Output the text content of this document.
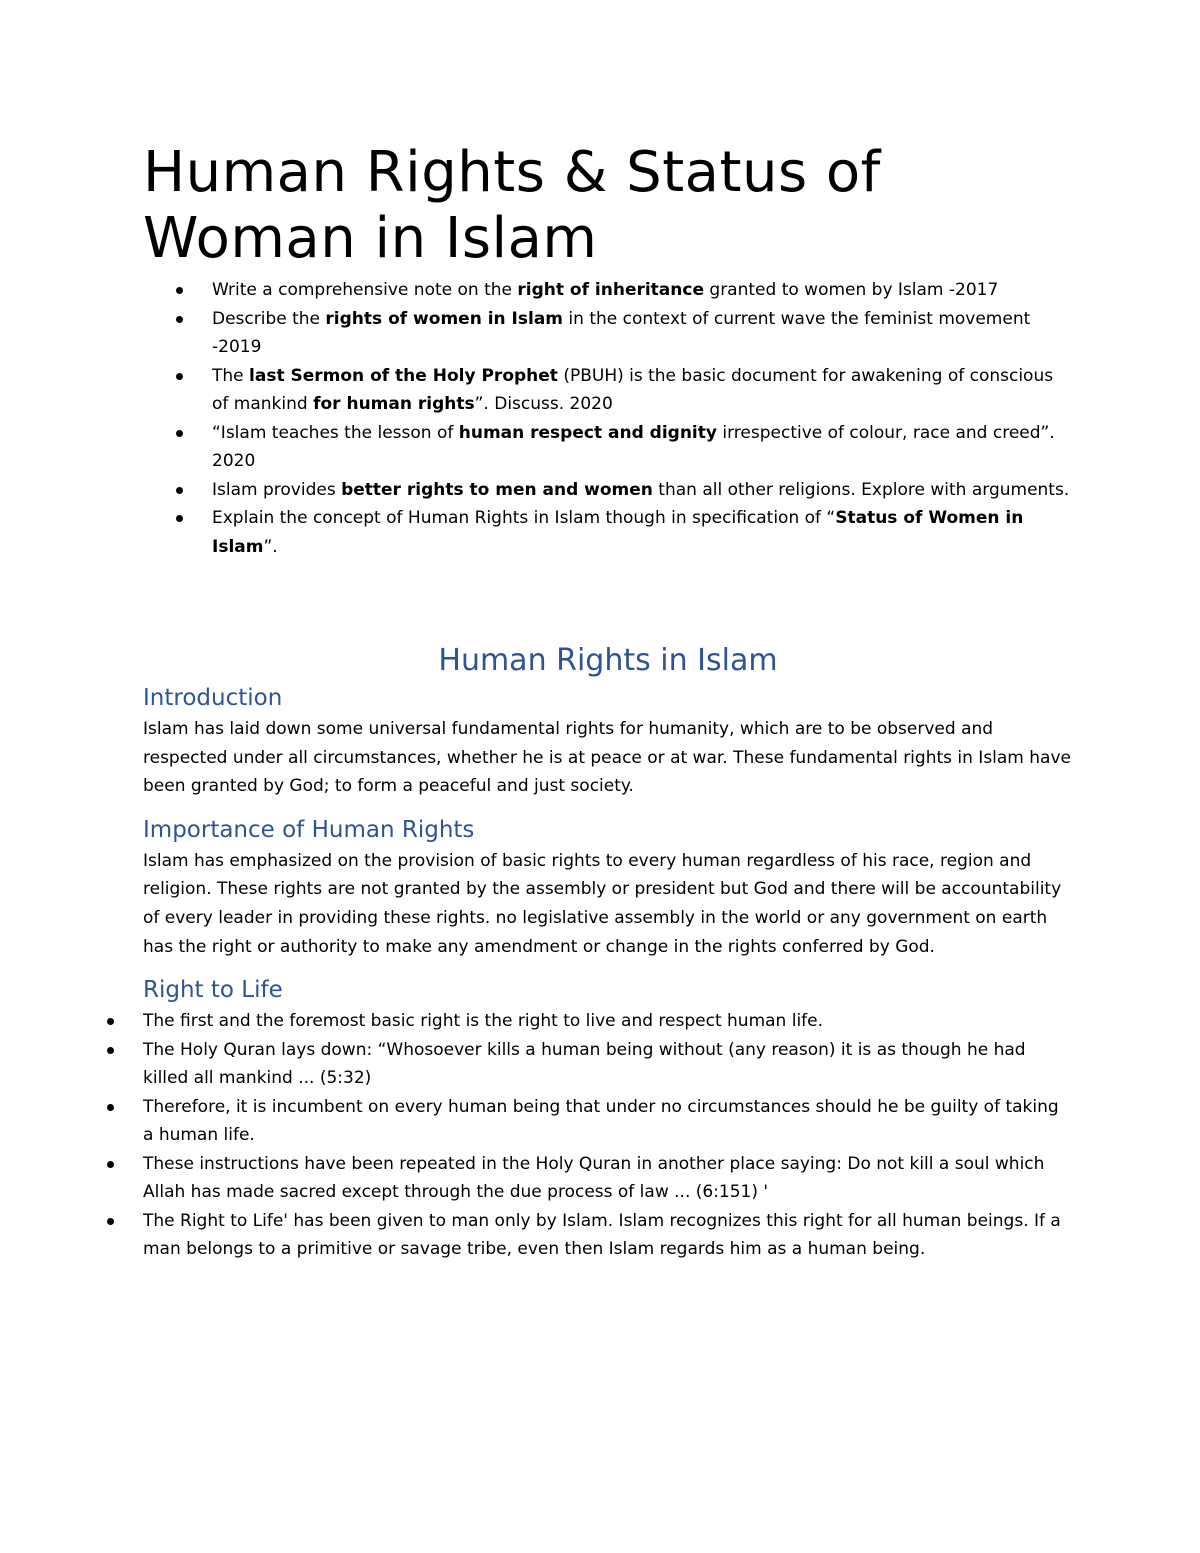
Human Rights & Status of Woman in Islam
Write a comprehensive note on the right of inheritance granted to women by Islam -2017
Describe the rights of women in Islam in the context of current wave the feminist movement -2019
The last Sermon of the Holy Prophet (PBUH) is the basic document for awakening of conscious of mankind for human rights”. Discuss. 2020
“Islam teaches the lesson of human respect and dignity irrespective of colour, race and creed”. 2020
Islam provides better rights to men and women than all other religions. Explore with arguments.
Explain the concept of Human Rights in Islam though in specification of “Status of Women in Islam”.
Human Rights in Islam
Introduction

Islam has laid down some universal fundamental rights for humanity, which are to be observed and respected under all circumstances, whether he is at peace or at war. These fundamental rights in Islam have been granted by God; to form a peaceful and just society.

Importance of Human Rights

Islam has emphasized on the provision of basic rights to every human regardless of his race, region and religion. These rights are not granted by the assembly or president but God and there will be accountability of every leader in providing these rights. no legislative assembly in the world or any government on earth has the right or authority to make any amendment or change in the rights conferred by God.

Right to Life
The first and the foremost basic right is the right to live and respect human life.
The Holy Quran lays down: “Whosoever kills a human being without (any reason) it is as though he had killed all mankind ... (5:32)
Therefore, it is incumbent on every human being that under no circumstances should he be guilty of taking a human life.
These instructions have been repeated in the Holy Quran in another place saying: Do not kill a soul which Allah has made sacred except through the due process of law ... (6:151) '
The Right to Life' has been given to man only by Islam. Islam recognizes this right for all human beings. If a man belongs to a primitive or savage tribe, even then Islam regards him as a human being.
